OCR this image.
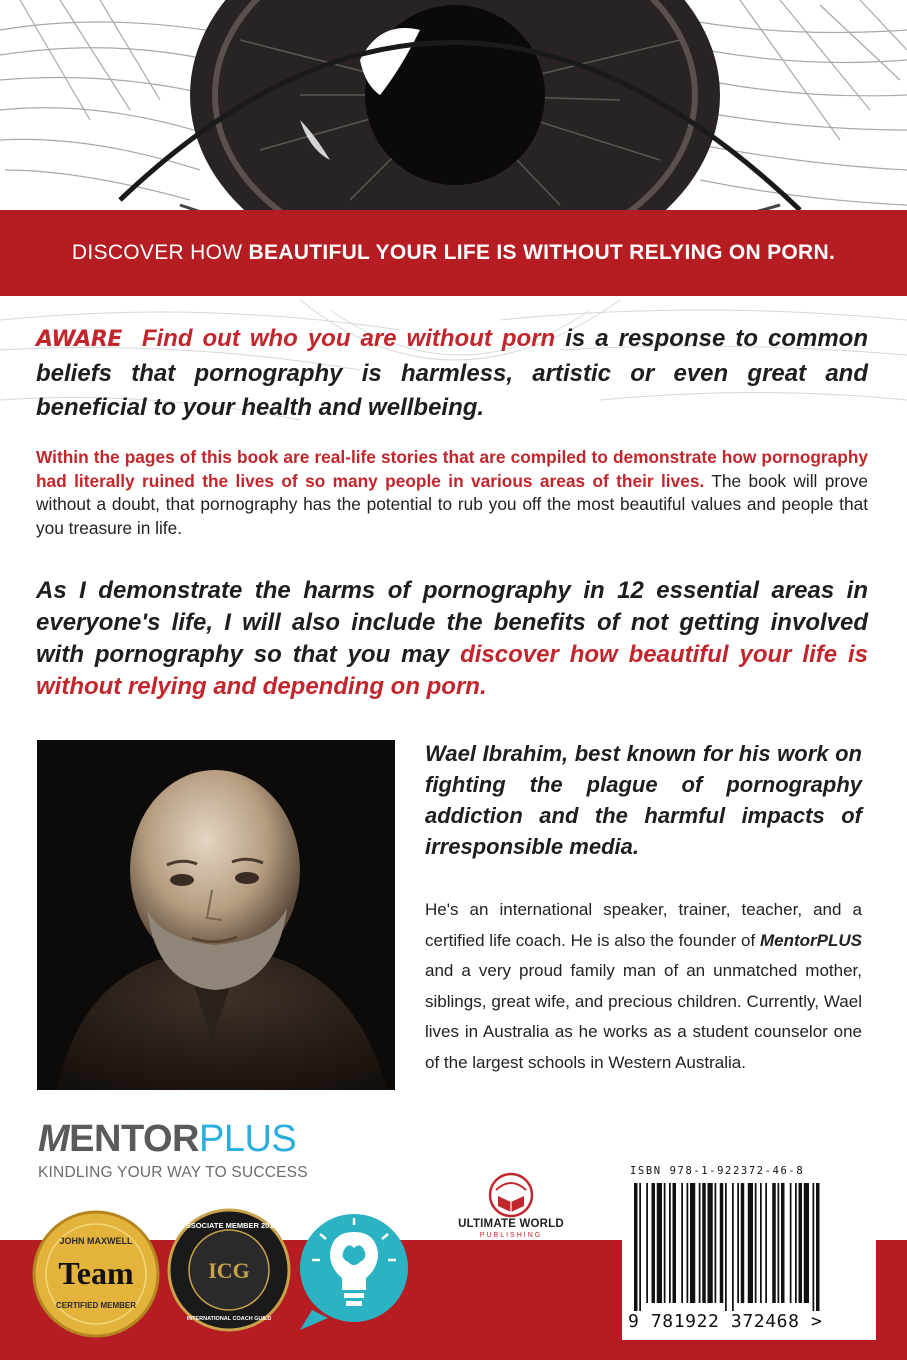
DISCOVER HOW BEAUTIFUL YOUR LIFE IS WITHOUT RELYING ON PORN.

AWARE Find out who you are without porn is a response to common beliefs that pornography is harmless, artistic or even great and beneficial to your health and wellbeing.

Within the pages of this book are real-life stories that are compiled to demonstrate how pornography had literally ruined the lives of so many people in various areas of their lives. The book will prove without a doubt, that pornography has the potential to rub you off the most beautiful values and people that you treasure in life.

As I demonstrate the harms of pornography in 12 essential areas in everyone's life, I will also include the benefits of not getting involved with pornography so that you may discover how beautiful your life is without relying and depending on porn.

Wael Ibrahim, best known for his work on fighting the plague of pornography addiction and the harmful impacts of irresponsible media.

He's an international speaker, trainer, teacher, and a certified life coach. He is also the founder of MentorPLUS and a very proud family man of an unmatched mother, siblings, great wife, and precious children. Currently, Wael lives in Australia as he works as a student counselor one of the largest schools in Western Australia.

MENTORPLUS
KINDLING YOUR WAY TO SUCCESS
JOHN MAXWELL
Team
CERTIFIED MEMBER
ASSOCIATE MEMBER 2017
ICG
INTERNATIONAL COACH GUILD
ULTIMATE WORLD
PUBLISHING
ISBN 978-1-922372-46-8
9 781922 372468 >
